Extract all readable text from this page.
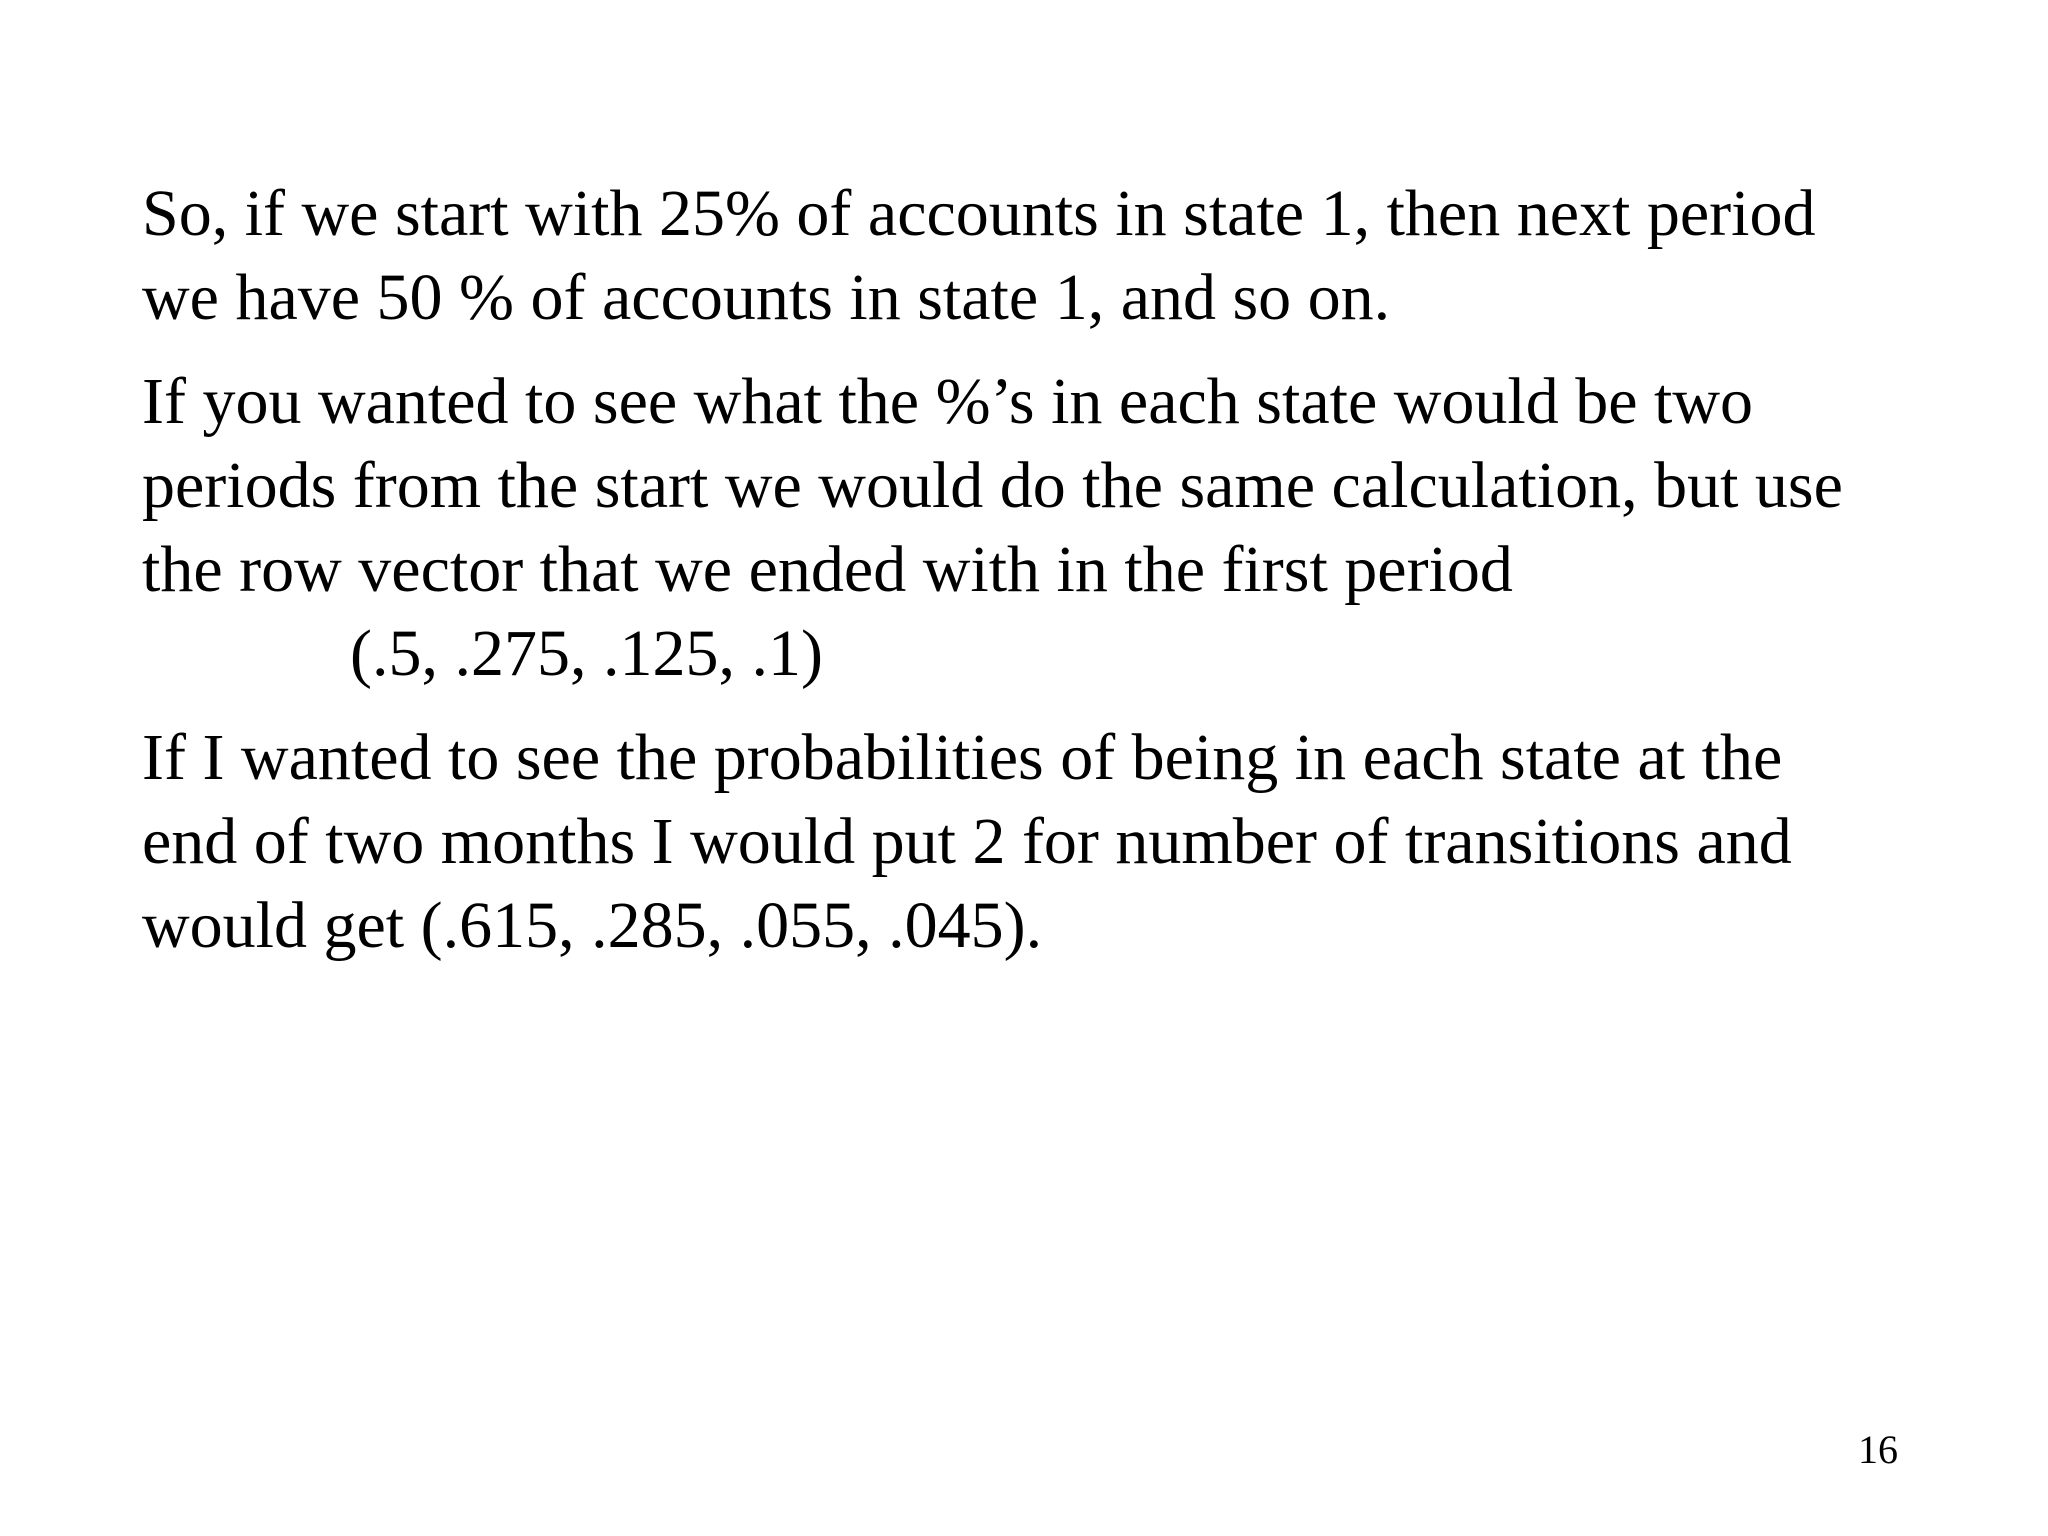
So, if we start with 25% of accounts in state 1, then next period
we have 50 % of accounts in state 1, and so on.

If you wanted to see what the %’s in each state would be two
periods from the start we would do the same calculation, but use
the row vector that we ended with in the first period
(.5, .275, .125, .1)

If I wanted to see the probabilities of being in each state at the
end of two months I would put 2 for number of transitions and
would get (.615, .285, .055, .045).

16
